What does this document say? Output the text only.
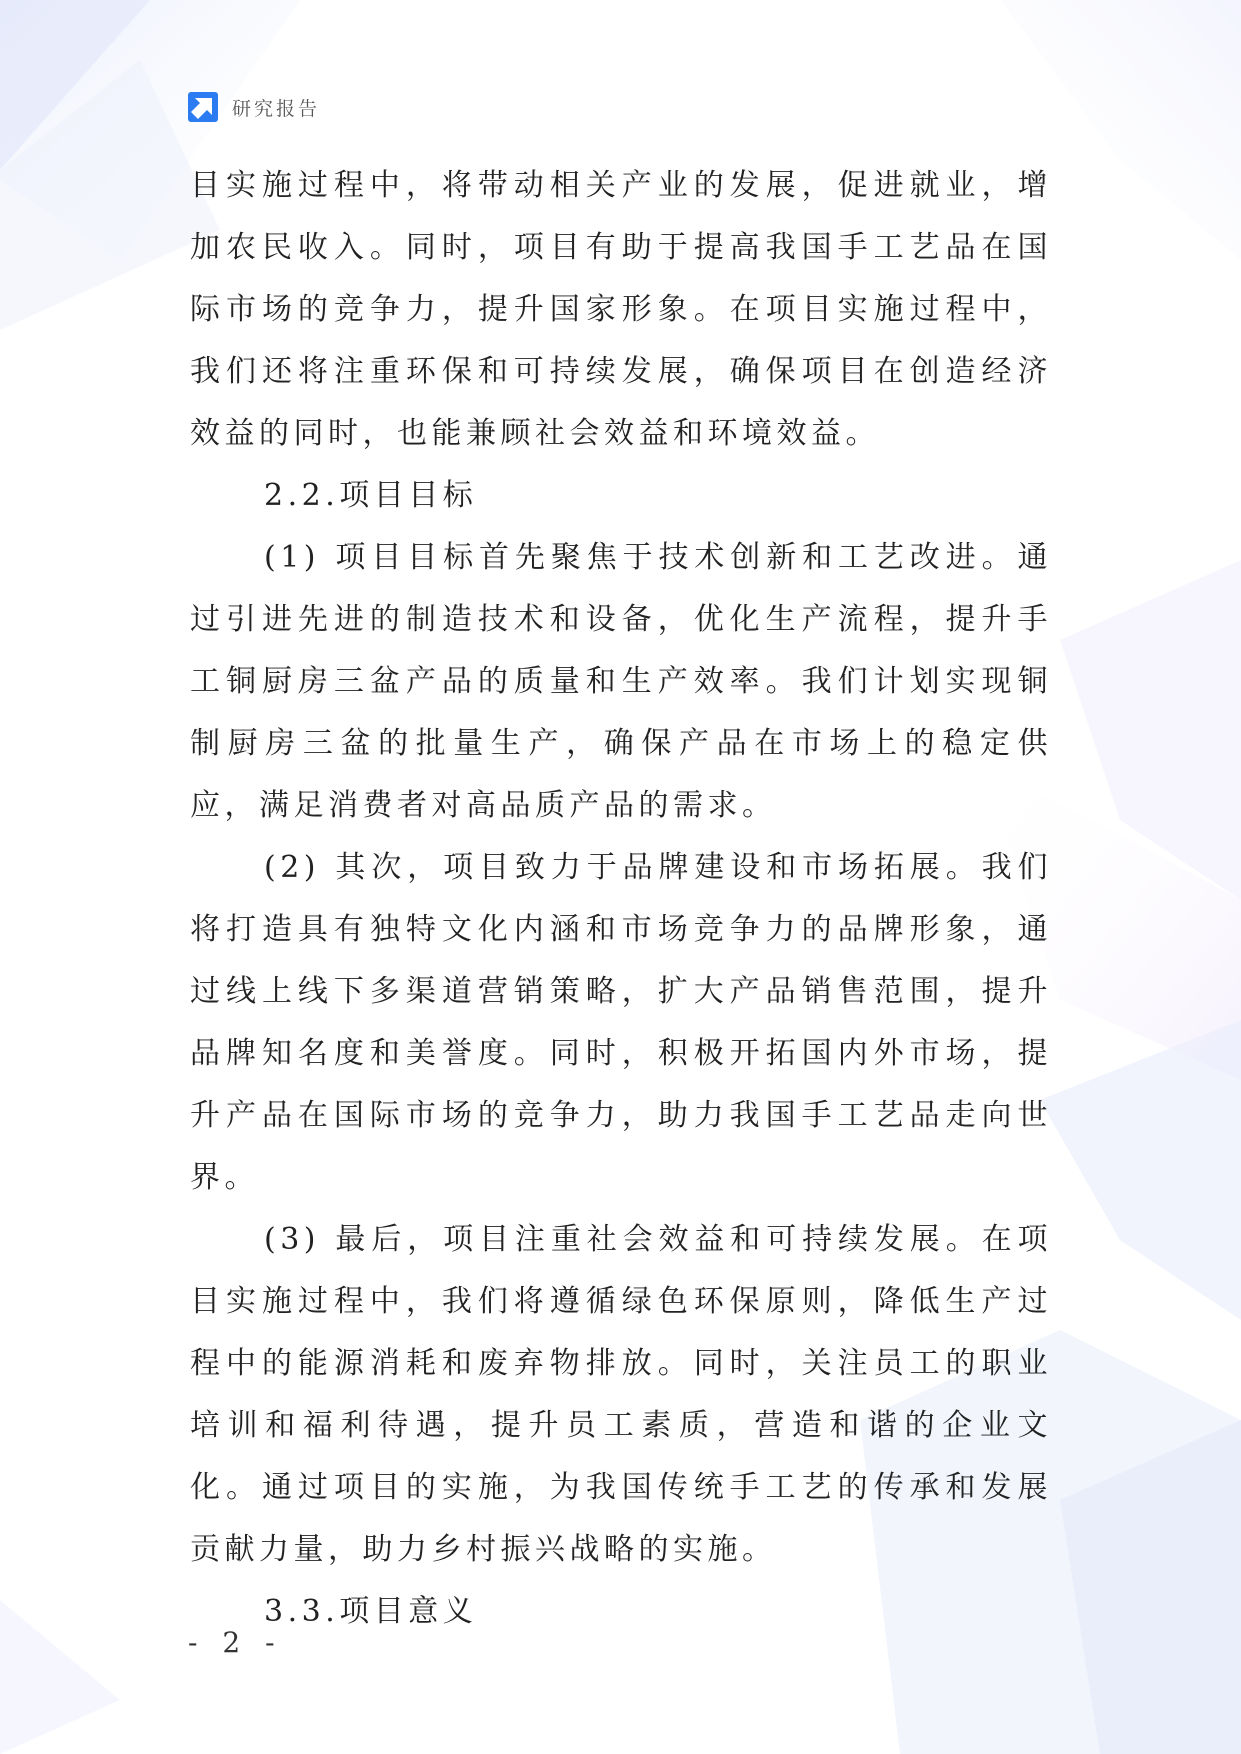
研究报告

目实施过程中，将带动相关产业的发展，促进就业，增加农民收入。同时，项目有助于提高我国手工艺品在国际市场的竞争力，提升国家形象。在项目实施过程中，我们还将注重环保和可持续发展，确保项目在创造经济效益的同时，也能兼顾社会效益和环境效益。

2.2.项目目标

(1) 项目目标首先聚焦于技术创新和工艺改进。通过引进先进的制造技术和设备，优化生产流程，提升手工铜厨房三盆产品的质量和生产效率。我们计划实现铜制厨房三盆的批量生产，确保产品在市场上的稳定供应，满足消费者对高品质产品的需求。

(2) 其次，项目致力于品牌建设和市场拓展。我们将打造具有独特文化内涵和市场竞争力的品牌形象，通过线上线下多渠道营销策略，扩大产品销售范围，提升品牌知名度和美誉度。同时，积极开拓国内外市场，提升产品在国际市场的竞争力，助力我国手工艺品走向世界。

(3) 最后，项目注重社会效益和可持续发展。在项目实施过程中，我们将遵循绿色环保原则，降低生产过程中的能源消耗和废弃物排放。同时，关注员工的职业培训和福利待遇，提升员工素质，营造和谐的企业文化。通过项目的实施，为我国传统手工艺的传承和发展贡献力量，助力乡村振兴战略的实施。

3.3.项目意义

- 2 -
